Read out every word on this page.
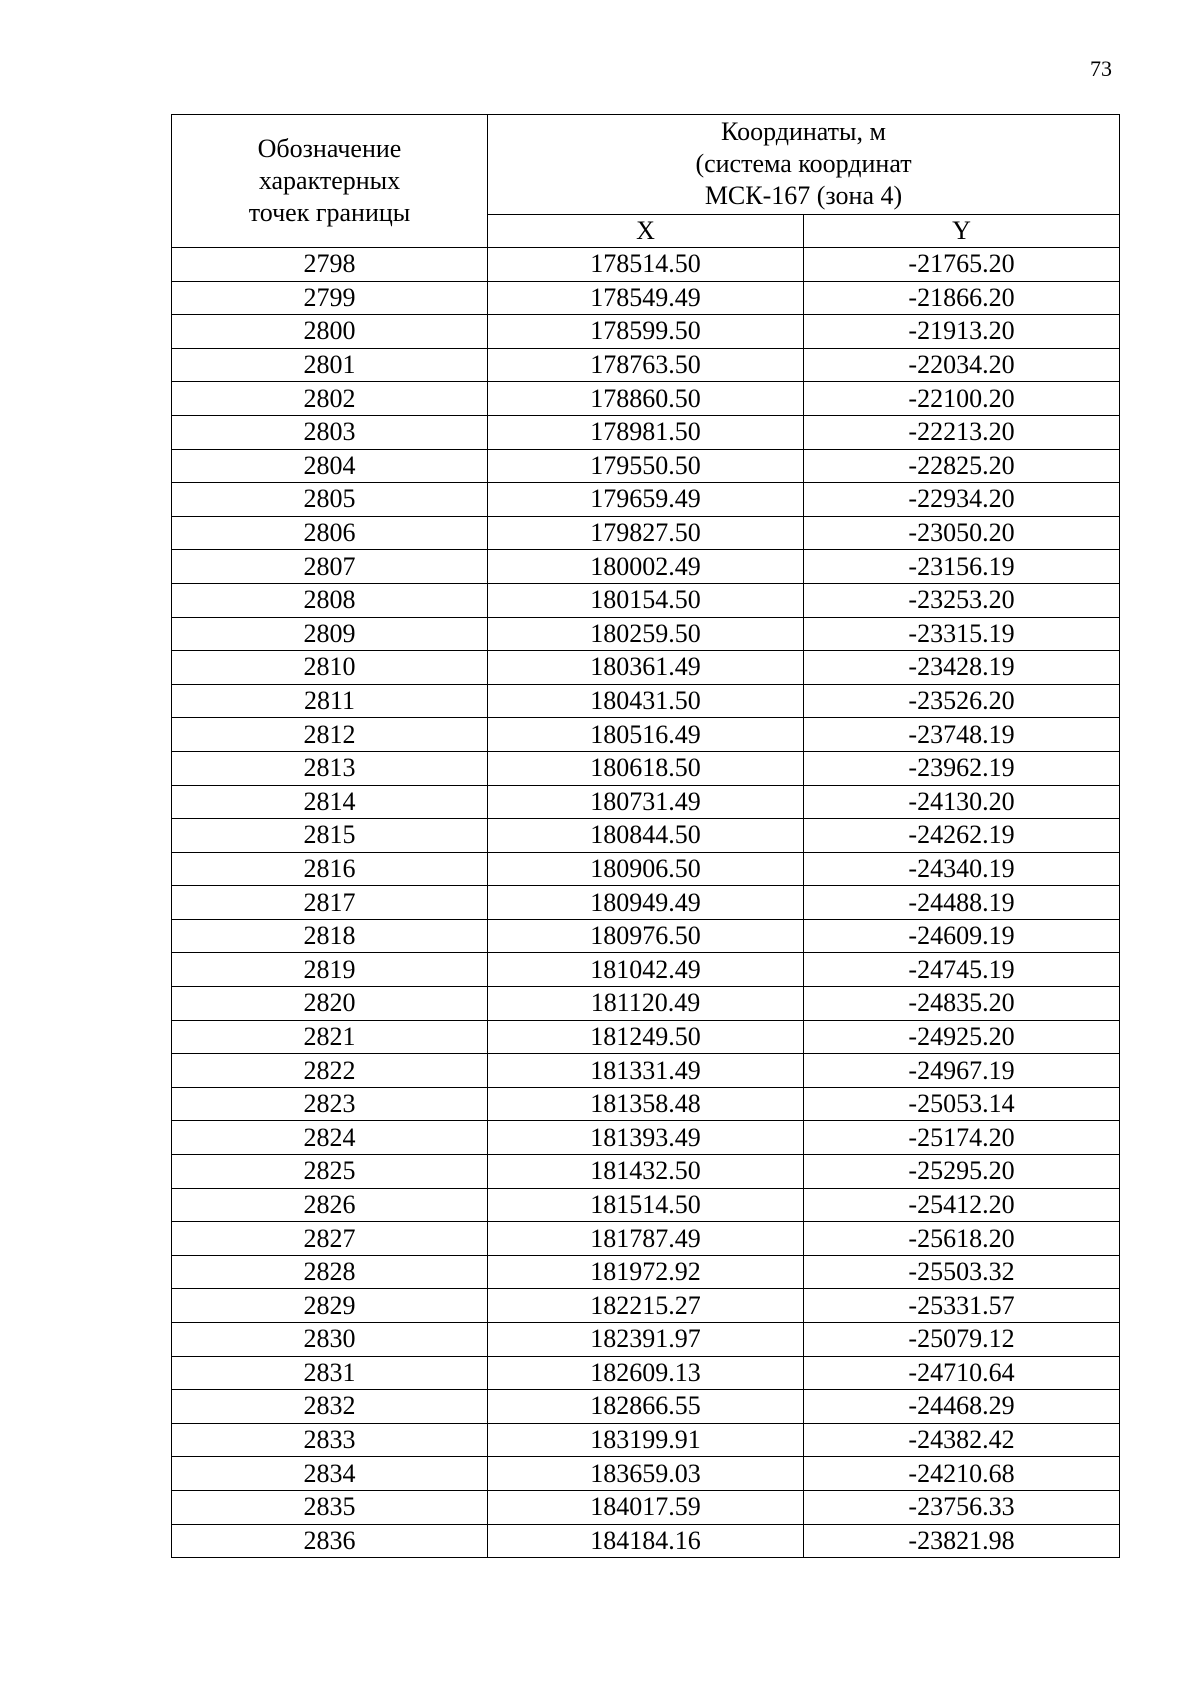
73
Обозначение
характерных
точек границы	Координаты, м
(система координат
МСК-167 (зона 4)	

	X	Y
2798	178514.50	-21765.20
2799	178549.49	-21866.20
2800	178599.50	-21913.20
2801	178763.50	-22034.20
2802	178860.50	-22100.20
2803	178981.50	-22213.20
2804	179550.50	-22825.20
2805	179659.49	-22934.20
2806	179827.50	-23050.20
2807	180002.49	-23156.19
2808	180154.50	-23253.20
2809	180259.50	-23315.19
2810	180361.49	-23428.19
2811	180431.50	-23526.20
2812	180516.49	-23748.19
2813	180618.50	-23962.19
2814	180731.49	-24130.20
2815	180844.50	-24262.19
2816	180906.50	-24340.19
2817	180949.49	-24488.19
2818	180976.50	-24609.19
2819	181042.49	-24745.19
2820	181120.49	-24835.20
2821	181249.50	-24925.20
2822	181331.49	-24967.19
2823	181358.48	-25053.14
2824	181393.49	-25174.20
2825	181432.50	-25295.20
2826	181514.50	-25412.20
2827	181787.49	-25618.20
2828	181972.92	-25503.32
2829	182215.27	-25331.57
2830	182391.97	-25079.12
2831	182609.13	-24710.64
2832	182866.55	-24468.29
2833	183199.91	-24382.42
2834	183659.03	-24210.68
2835	184017.59	-23756.33
2836	184184.16	-23821.98
